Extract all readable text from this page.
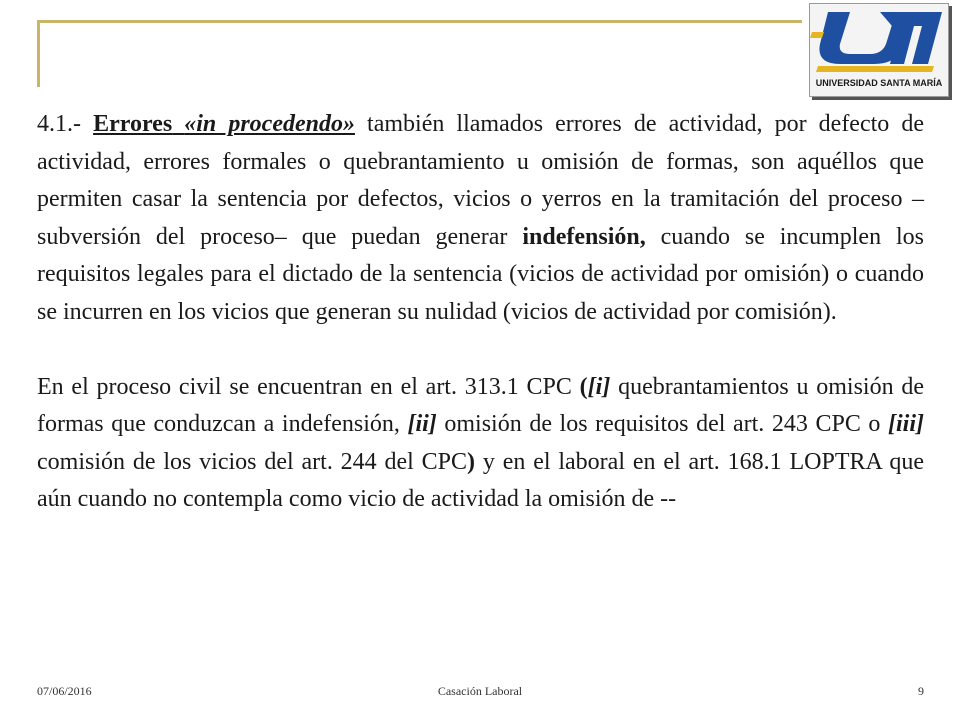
UNIVERSIDAD SANTA MARÍA

4.1.- Errores «in procedendo» también llamados errores de actividad, por defecto de actividad, errores formales o quebrantamiento u omisión de formas, son aquéllos que permiten casar la sentencia por defectos, vicios o yerros en la tramitación del proceso –subversión del proceso– que puedan generar indefensión, cuando se incumplen los requisitos legales para el dictado de la sentencia (vicios de actividad por omisión) o cuando se incurren en los vicios que generan su nulidad (vicios de actividad por comisión).

En el proceso civil se encuentran en el art. 313.1 CPC ([i] quebrantamientos u omisión de formas que conduzcan a indefensión, [ii] omisión de los requisitos del art. 243 CPC o [iii] comisión de los vicios del art. 244 del CPC) y en el laboral en el art. 168.1 LOPTRA que aún cuando no contempla como vicio de actividad la omisión de --

07/06/2016	Casación Laboral	9
